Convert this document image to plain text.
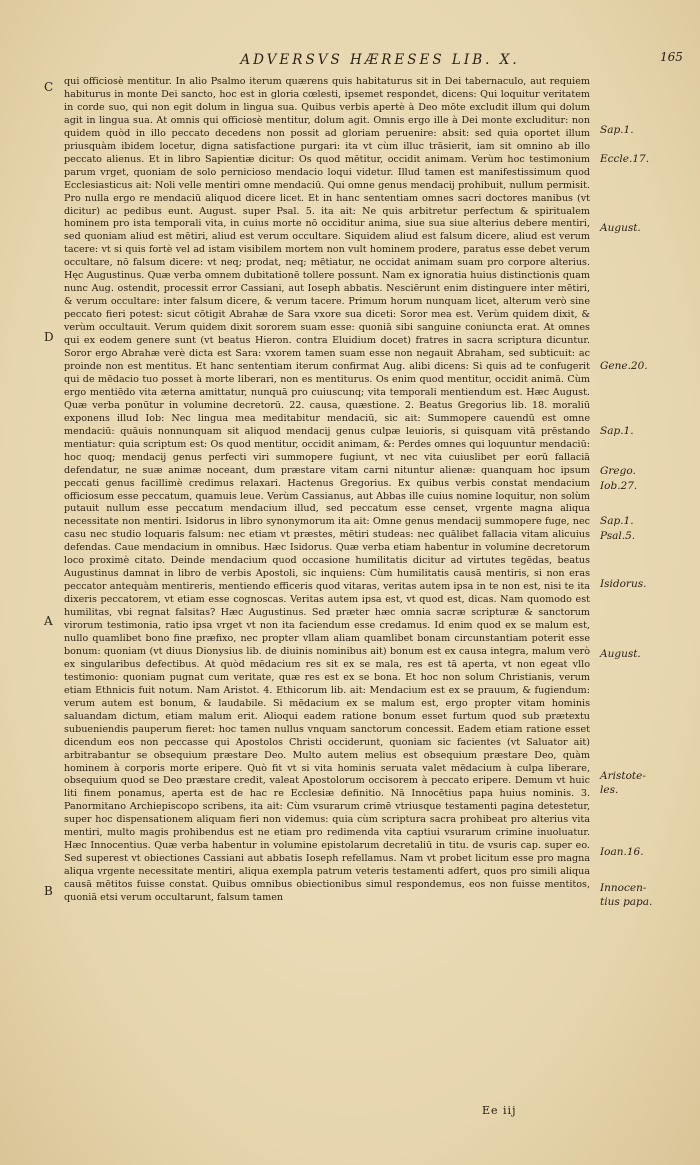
ADVERSVS HÆRESES LIB. X.	165
C
D
A
B

qui officiosè mentitur. In alio Psalmo iterum quærens quis habitaturus sit in Dei tabernaculo, aut requiem habiturus in monte Dei sancto, hoc est in gloria cœlesti, ipsemet respondet, dicens: Qui loquitur veritatem in corde suo, qui non egit dolum in lingua sua. Quibus verbis apertè à Deo mōte excludit illum qui dolum agit in lingua sua. At omnis qui officiosè mentitur, dolum agit. Omnis ergo ille à Dei monte excluditur: non quidem quòd in illo peccato decedens non possit ad gloriam peruenire: absit: sed quia oportet illum priusquàm ibidem locetur, digna satisfactione purgari: ita vt cùm illuc trāsierit, iam sit omnino ab illo peccato alienus. Et in libro Sapientiæ dicitur: Os quod mētitur, occidit animam. Verùm hoc testimonium parum vrget, quoniam de solo pernicioso mendacio loqui videtur. Illud tamen est manifestissimum quod Ecclesiasticus ait: Noli velle mentiri omne mendaciū. Qui omne genus mendacij prohibuit, nullum permisit. Pro nulla ergo re mendaciū aliquod dicere licet. Et in hanc sententiam omnes sacri doctores manibus (vt dicitur) ac pedibus eunt. August. super Psal. 5. ita ait: Ne quis arbitretur perfectum & spiritualem hominem pro ista temporali vita, in cuius morte nō occiditur anima, siue sua siue alterius debere mentiri, sed quoniam aliud est mētiri, aliud est verum occultare. Siquidem aliud est falsum dicere, aliud est verum tacere: vt si quis fortè vel ad istam visibilem mortem non vult hominem prodere, paratus esse debet verum occultare, nō falsum dicere: vt neq; prodat, neq; mētiatur, ne occidat animam suam pro corpore alterius. Hęc Augustinus. Quæ verba omnem dubitationē tollere possunt. Nam ex ignoratia huius distinctionis quam nunc Aug. ostendit, processit error Cassiani, aut Ioseph abbatis. Nesciērunt enim distinguere inter mētiri, & verum occultare: inter falsum dicere, & verum tacere. Primum horum nunquam licet, alterum verò sine peccato fieri potest: sicut cōtigit Abrahæ de Sara vxore sua diceti: Soror mea est. Verùm quidem dixit, & verùm occultauit. Verum quidem dixit sororem suam esse: quoniā sibi sanguine coniuncta erat. At omnes qui ex eodem genere sunt (vt beatus Hieron. contra Eluidium docet) fratres in sacra scriptura dicuntur. Soror ergo Abrahæ verè dicta est Sara: vxorem tamen suam esse non negauit Abraham, sed subticuit: ac proinde non est mentitus. Et hanc sententiam iterum confirmat Aug. alibi dicens: Si quis ad te confugerit qui de mēdacio tuo posset à morte liberari, non es mentiturus. Os enim quod mentitur, occidit animā. Cùm ergo mentiēdo vita æterna amittatur, nunquā pro cuiuscunq; vita temporali mentiendum est. Hæc August. Quæ verba ponūtur in volumine decretorū. 22. causa, quæstione. 2. Beatus Gregorius lib. 18. moraliū exponens illud Iob: Nec lingua mea meditabitur mendaciū, sic ait: Summopere cauendū est omne mendaciū: quāuis nonnunquam sit aliquod mendacij genus culpæ leuioris, si quisquam vitā prēstando mentiatur: quia scriptum est: Os quod mentitur, occidit animam, &: Perdes omnes qui loquuntur mendaciū: hoc quoq; mendacij genus perfecti viri summopere fugiunt, vt nec vita cuiuslibet per eorū fallaciā defendatur, ne suæ animæ noceant, dum præstare vitam carni nituntur alienæ: quanquam hoc ipsum peccati genus facillimè credimus relaxari. Hactenus Gregorius. Ex quibus verbis constat mendacium officiosum esse peccatum, quamuis leue. Verùm Cassianus, aut Abbas ille cuius nomine loquitur, non solùm putauit nullum esse peccatum mendacium illud, sed peccatum esse censet, vrgente magna aliqua necessitate non mentiri. Isidorus in libro synonymorum ita ait: Omne genus mendacij summopere fuge, nec casu nec studio loquaris falsum: nec etiam vt præstes, mētiri studeas: nec quālibet fallacia vitam alicuius defendas. Caue mendacium in omnibus. Hæc Isidorus. Quæ verba etiam habentur in volumine decretorum loco proximè citato. Deinde mendacium quod occasione humilitatis dicitur ad virtutes tegēdas, beatus Augustinus damnat in libro de verbis Apostoli, sic inquiens: Cùm humilitatis causā mentiris, si non eras peccator antequàm mentireris, mentiendo efficeris quod vitaras, veritas autem ipsa in te non est, nisi te ita dixeris peccatorem, vt etiam esse cognoscas. Veritas autem ipsa est, vt quod est, dicas. Nam quomodo est humilitas, vbi regnat falsitas? Hæc Augustinus. Sed præter hæc omnia sacræ scripturæ & sanctorum virorum testimonia, ratio ipsa vrget vt non ita faciendum esse credamus. Id enim quod ex se malum est, nullo quamlibet bono fine præfixo, nec propter vllam aliam quamlibet bonam circunstantiam poterit esse bonum: quoniam (vt diuus Dionysius lib. de diuinis nominibus ait) bonum est ex causa integra, malum verò ex singularibus defectibus. At quòd mēdacium res sit ex se mala, res est tā aperta, vt non egeat vllo testimonio: quoniam pugnat cum veritate, quæ res est ex se bona. Et hoc non solum Christianis, verum etiam Ethnicis fuit notum. Nam Aristot. 4. Ethicorum lib. ait: Mendacium est ex se prauum, & fugiendum: verum autem est bonum, & laudabile. Si mēdacium ex se malum est, ergo propter vitam hominis saluandam dictum, etiam malum erit. Alioqui eadem ratione bonum esset furtum quod sub prætextu subueniendis pauperum fieret: hoc tamen nullus vnquam sanctorum concessit. Eadem etiam ratione esset dicendum eos non peccasse qui Apostolos Christi occiderunt, quoniam sic facientes (vt Saluator ait) arbitrabantur se obsequium præstare Deo. Multo autem melius est obsequium præstare Deo, quàm hominem à corporis morte eripere. Quò fit vt si vita hominis seruata valet mēdacium à culpa liberare, obsequium quod se Deo præstare credit, valeat Apostolorum occisorem à peccato eripere. Demum vt huic liti finem ponamus, aperta est de hac re Ecclesiæ definitio. Nā Innocētius papa huius nominis. 3. Panormitano Archiepiscopo scribens, ita ait: Cùm vsurarum crimē vtriusque testamenti pagina detestetur, super hoc dispensationem aliquam fieri non videmus: quia cùm scriptura sacra prohibeat pro alterius vita mentiri, multo magis prohibendus est ne etiam pro redimenda vita captiui vsurarum crimine inuoluatur. Hæc Innocentius. Quæ verba habentur in volumine epistolarum decretaliū in titu. de vsuris cap. super eo. Sed superest vt obiectiones Cassiani aut abbatis Ioseph refellamus. Nam vt probet licitum esse pro magna aliqua vrgente necessitate mentiri, aliqua exempla patrum veteris testamenti adfert, quos pro simili aliqua causā mētitos fuisse constat. Quibus omnibus obiectionibus simul respondemus, eos non fuisse mentitos, quoniā etsi verum occultarunt, falsum tamen

Sap.1.
Eccle.17.
August.
Gene.20.
Sap.1.
Grego.
Iob.27.
Sap.1.
Psal.5.
Isidorus.
August.
Aristote-
les.
Ioan.16.
Innocen-
tius papa.
Ee iij
